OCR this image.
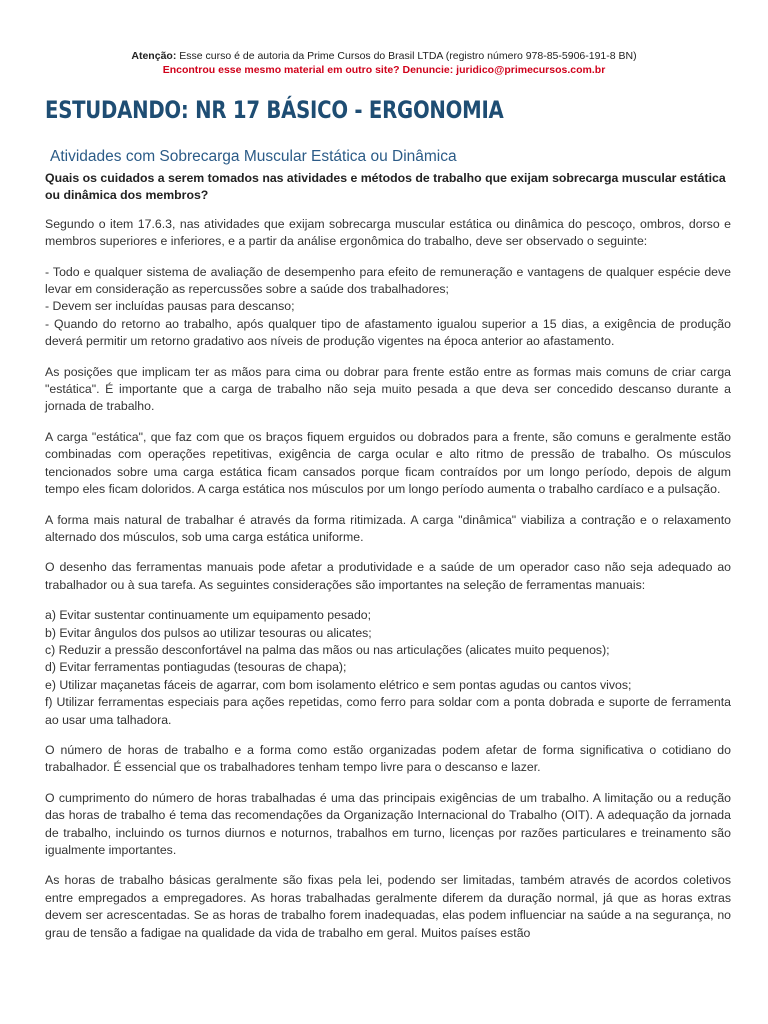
Atenção: Esse curso é de autoria da Prime Cursos do Brasil LTDA (registro número 978-85-5906-191-8 BN)
Encontrou esse mesmo material em outro site? Denuncie: juridico@primecursos.com.br
ESTUDANDO: NR 17 BÁSICO - ERGONOMIA
Atividades com Sobrecarga Muscular Estática ou Dinâmica

Quais os cuidados a serem tomados nas atividades e métodos de trabalho que exijam sobrecarga muscular estática ou dinâmica dos membros?

Segundo o item 17.6.3, nas atividades que exijam sobrecarga muscular estática ou dinâmica do pescoço, ombros, dorso e membros superiores e inferiores, e a partir da análise ergonômica do trabalho, deve ser observado o seguinte:

- Todo e qualquer sistema de avaliação de desempenho para efeito de remuneração e vantagens de qualquer espécie deve levar em consideração as repercussões sobre a saúde dos trabalhadores;
- Devem ser incluídas pausas para descanso;
- Quando do retorno ao trabalho, após qualquer tipo de afastamento igualou superior a 15 dias, a exigência de produção deverá permitir um retorno gradativo aos níveis de produção vigentes na época anterior ao afastamento.

As posições que implicam ter as mãos para cima ou dobrar para frente estão entre as formas mais comuns de criar carga "estática". É importante que a carga de trabalho não seja muito pesada a que deva ser concedido descanso durante a jornada de trabalho.

A carga "estática", que faz com que os braços fiquem erguidos ou dobrados para a frente, são comuns e geralmente estão combinadas com operações repetitivas, exigência de carga ocular e alto ritmo de pressão de trabalho. Os músculos tencionados sobre uma carga estática ficam cansados porque ficam contraídos por um longo período, depois de algum tempo eles ficam doloridos. A carga estática nos músculos por um longo período aumenta o trabalho cardíaco e a pulsação.

A forma mais natural de trabalhar é através da forma ritimizada. A carga "dinâmica" viabiliza a contração e o relaxamento alternado dos músculos, sob uma carga estática uniforme.

O desenho das ferramentas manuais pode afetar a produtividade e a saúde de um operador caso não seja adequado ao trabalhador ou à sua tarefa. As seguintes considerações são importantes na seleção de ferramentas manuais:

a) Evitar sustentar continuamente um equipamento pesado;
b) Evitar ângulos dos pulsos ao utilizar tesouras ou alicates;
c) Reduzir a pressão desconfortável na palma das mãos ou nas articulações (alicates muito pequenos);
d) Evitar ferramentas pontiagudas (tesouras de chapa);
e) Utilizar maçanetas fáceis de agarrar, com bom isolamento elétrico e sem pontas agudas ou cantos vivos;
f) Utilizar ferramentas especiais para ações repetidas, como ferro para soldar com a ponta dobrada e suporte de ferramenta ao usar uma talhadora.

O número de horas de trabalho e a forma como estão organizadas podem afetar de forma significativa o cotidiano do trabalhador. É essencial que os trabalhadores tenham tempo livre para o descanso e lazer.

O cumprimento do número de horas trabalhadas é uma das principais exigências de um trabalho. A limitação ou a redução das horas de trabalho é tema das recomendações da Organização Internacional do Trabalho (OIT). A adequação da jornada de trabalho, incluindo os turnos diurnos e noturnos, trabalhos em turno, licenças por razões particulares e treinamento são igualmente importantes.

As horas de trabalho básicas geralmente são fixas pela lei, podendo ser limitadas, também através de acordos coletivos entre empregados a empregadores. As horas trabalhadas geralmente diferem da duração normal, já que as horas extras devem ser acrescentadas. Se as horas de trabalho forem inadequadas, elas podem influenciar na saúde a na segurança, no grau de tensão a fadigae na qualidade da vida de trabalho em geral. Muitos países estão
